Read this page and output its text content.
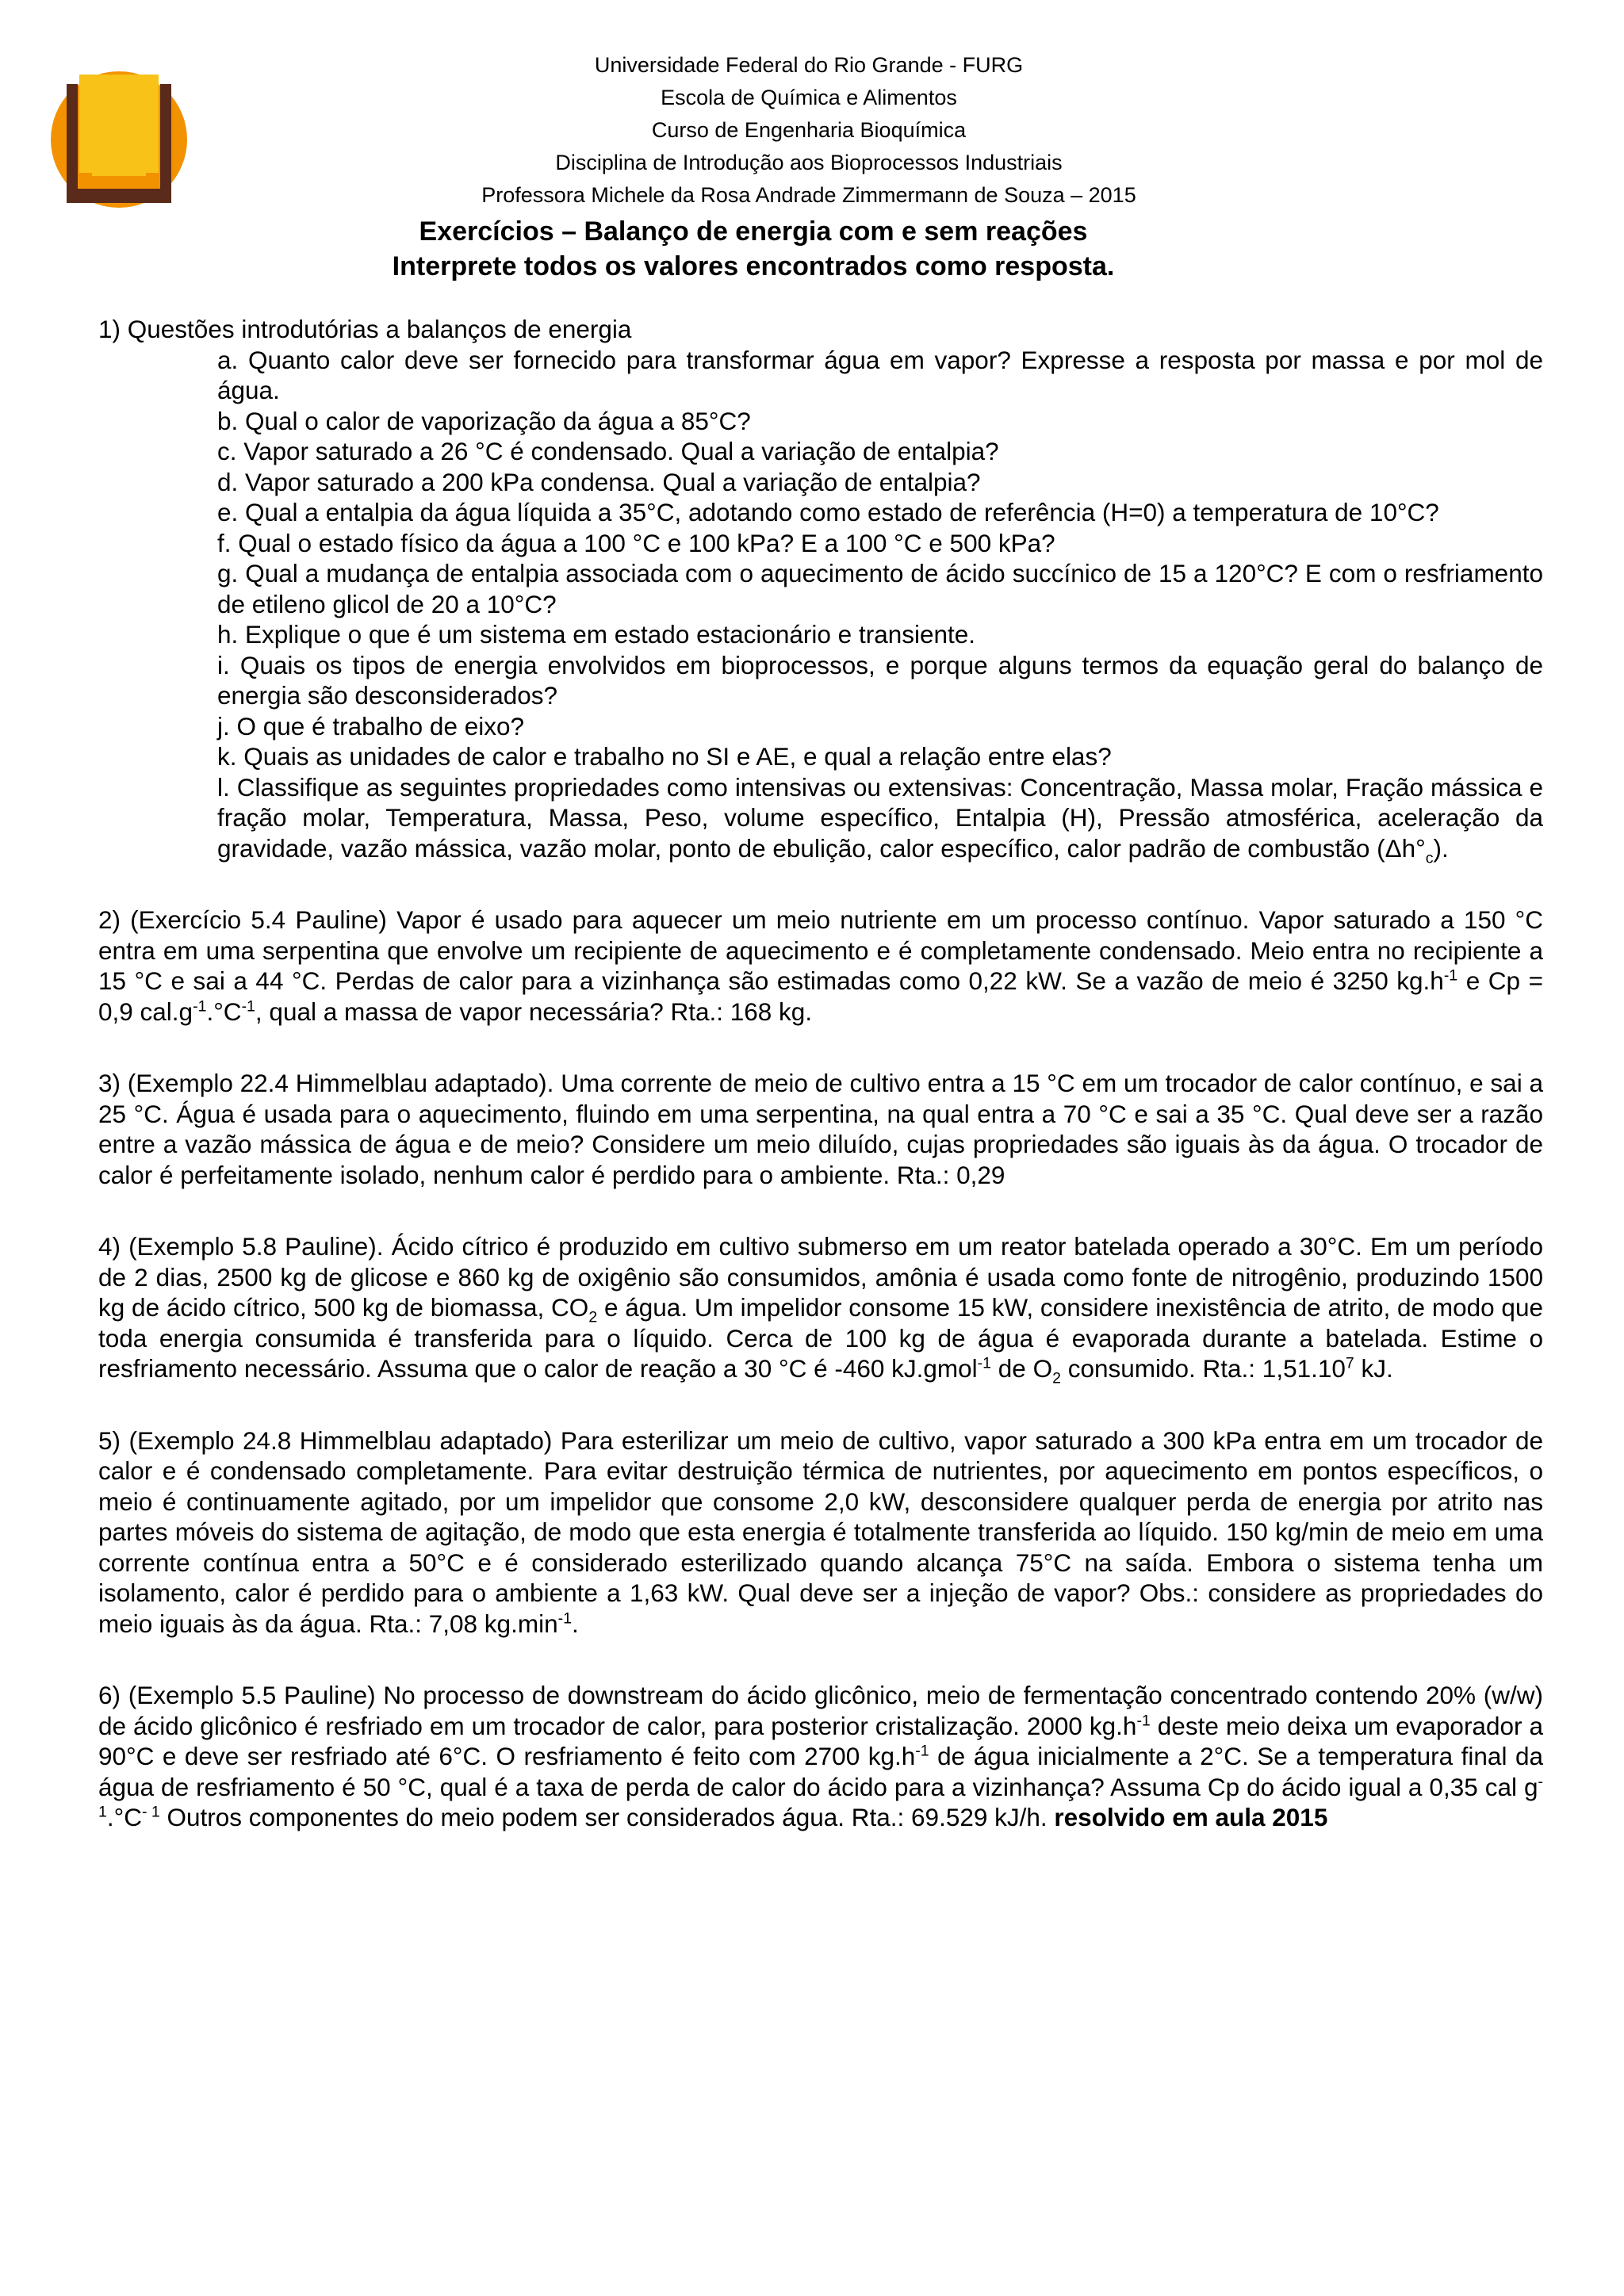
Universidade Federal do Rio Grande - FURG
Escola de Química e Alimentos
Curso de Engenharia Bioquímica
Disciplina de Introdução aos Bioprocessos Industriais
Professora Michele da Rosa Andrade Zimmermann de Souza – 2015
Exercícios – Balanço de energia com e sem reações
Interprete todos os valores encontrados como resposta.

1) Questões introdutórias a balanços de energia

a. Quanto calor deve ser fornecido para transformar água em vapor? Expresse a resposta por massa e por mol de água.

b. Qual o calor de vaporização da água a 85°C?

c. Vapor saturado a 26 °C é condensado. Qual a variação de entalpia?

d. Vapor saturado a 200 kPa condensa. Qual a variação de entalpia?

e. Qual a entalpia da água líquida a 35°C, adotando como estado de referência (H=0) a temperatura de 10°C?

f. Qual o estado físico da água a 100 °C e 100 kPa? E a 100 °C e 500 kPa?

g. Qual a mudança de entalpia associada com o aquecimento de ácido succínico de 15 a 120°C? E com o resfriamento de etileno glicol de 20 a 10°C?

h. Explique o que é um sistema em estado estacionário e transiente.

i. Quais os tipos de energia envolvidos em bioprocessos, e porque alguns termos da equação geral do balanço de energia são desconsiderados?

j. O que é trabalho de eixo?

k. Quais as unidades de calor e trabalho no SI e AE, e qual a relação entre elas?

l. Classifique as seguintes propriedades como intensivas ou extensivas: Concentração, Massa molar, Fração mássica e fração molar, Temperatura, Massa, Peso, volume específico, Entalpia (H), Pressão atmosférica, aceleração da gravidade, vazão mássica, vazão molar, ponto de ebulição, calor específico, calor padrão de combustão $(\Delta h^\circ_c)$.

2) (Exercício 5.4 Pauline) Vapor é usado para aquecer um meio nutriente em um processo contínuo. Vapor saturado a 150 °C entra em uma serpentina que envolve um recipiente de aquecimento e é completamente condensado. Meio entra no recipiente a 15 °C e sai a 44 °C. Perdas de calor para a vizinhança são estimadas como 0,22 kW. Se a vazão de meio é 3250 $kg.h^{-1}$ e Cp = 0,9 $cal.g^{-1}.^\circ C^{-1}$, qual a massa de vapor necessária? Rta.: 168 kg.

3) (Exemplo 22.4 Himmelblau adaptado). Uma corrente de meio de cultivo entra a 15 °C em um trocador de calor contínuo, e sai a 25 °C. Água é usada para o aquecimento, fluindo em uma serpentina, na qual entra a 70 °C e sai a 35 °C. Qual deve ser a razão entre a vazão mássica de água e de meio? Considere um meio diluído, cujas propriedades são iguais às da água. O trocador de calor é perfeitamente isolado, nenhum calor é perdido para o ambiente. Rta.: 0,29

4) (Exemplo 5.8 Pauline). Ácido cítrico é produzido em cultivo submerso em um reator batelada operado a 30°C. Em um período de 2 dias, 2500 kg de glicose e 860 kg de oxigênio são consumidos, amônia é usada como fonte de nitrogênio, produzindo 1500 kg de ácido cítrico, 500 kg de biomassa, $CO_2$ e água. Um impelidor consome 15 kW, considere inexistência de atrito, de modo que toda energia consumida é transferida para o líquido. Cerca de 100 kg de água é evaporada durante a batelada. Estime o resfriamento necessário. Assuma que o calor de reação a 30 °C é -460 kJ.gmol$^{-1}$ de $O_2$ consumido. Rta.: 1,51.10$^7$ kJ.

5) (Exemplo 24.8 Himmelblau adaptado) Para esterilizar um meio de cultivo, vapor saturado a 300 kPa entra em um trocador de calor e é condensado completamente. Para evitar destruição térmica de nutrientes, por aquecimento em pontos específicos, o meio é continuamente agitado, por um impelidor que consome 2,0 kW, desconsidere qualquer perda de energia por atrito nas partes móveis do sistema de agitação, de modo que esta energia é totalmente transferida ao líquido. 150 kg/min de meio em uma corrente contínua entra a 50°C e é considerado esterilizado quando alcança 75°C na saída. Embora o sistema tenha um isolamento, calor é perdido para o ambiente a 1,63 kW. Qual deve ser a injeção de vapor? Obs.: considere as propriedades do meio iguais às da água. Rta.: 7,08 $kg.\min^{-1}$.

6) (Exemplo 5.5 Pauline) No processo de downstream do ácido glicônico, meio de fermentação concentrado contendo 20% (w/w) de ácido glicônico é resfriado em um trocador de calor, para posterior cristalização. 2000 $kg.h^{-1}$ deste meio deixa um evaporador a 90°C e deve ser resfriado até 6°C. O resfriamento é feito com 2700 $kg.h^{-1}$ de água inicialmente a 2°C. Se a temperatura final da água de resfriamento é 50 °C, qual é a taxa de perda de calor do ácido para a vizinhança? Assuma Cp do ácido igual a 0,35 cal $g^{-1}.^\circ C^{- 1}$ Outros componentes do meio podem ser considerados água. Rta.: 69.529 kJ/h. resolvido em aula 2015
